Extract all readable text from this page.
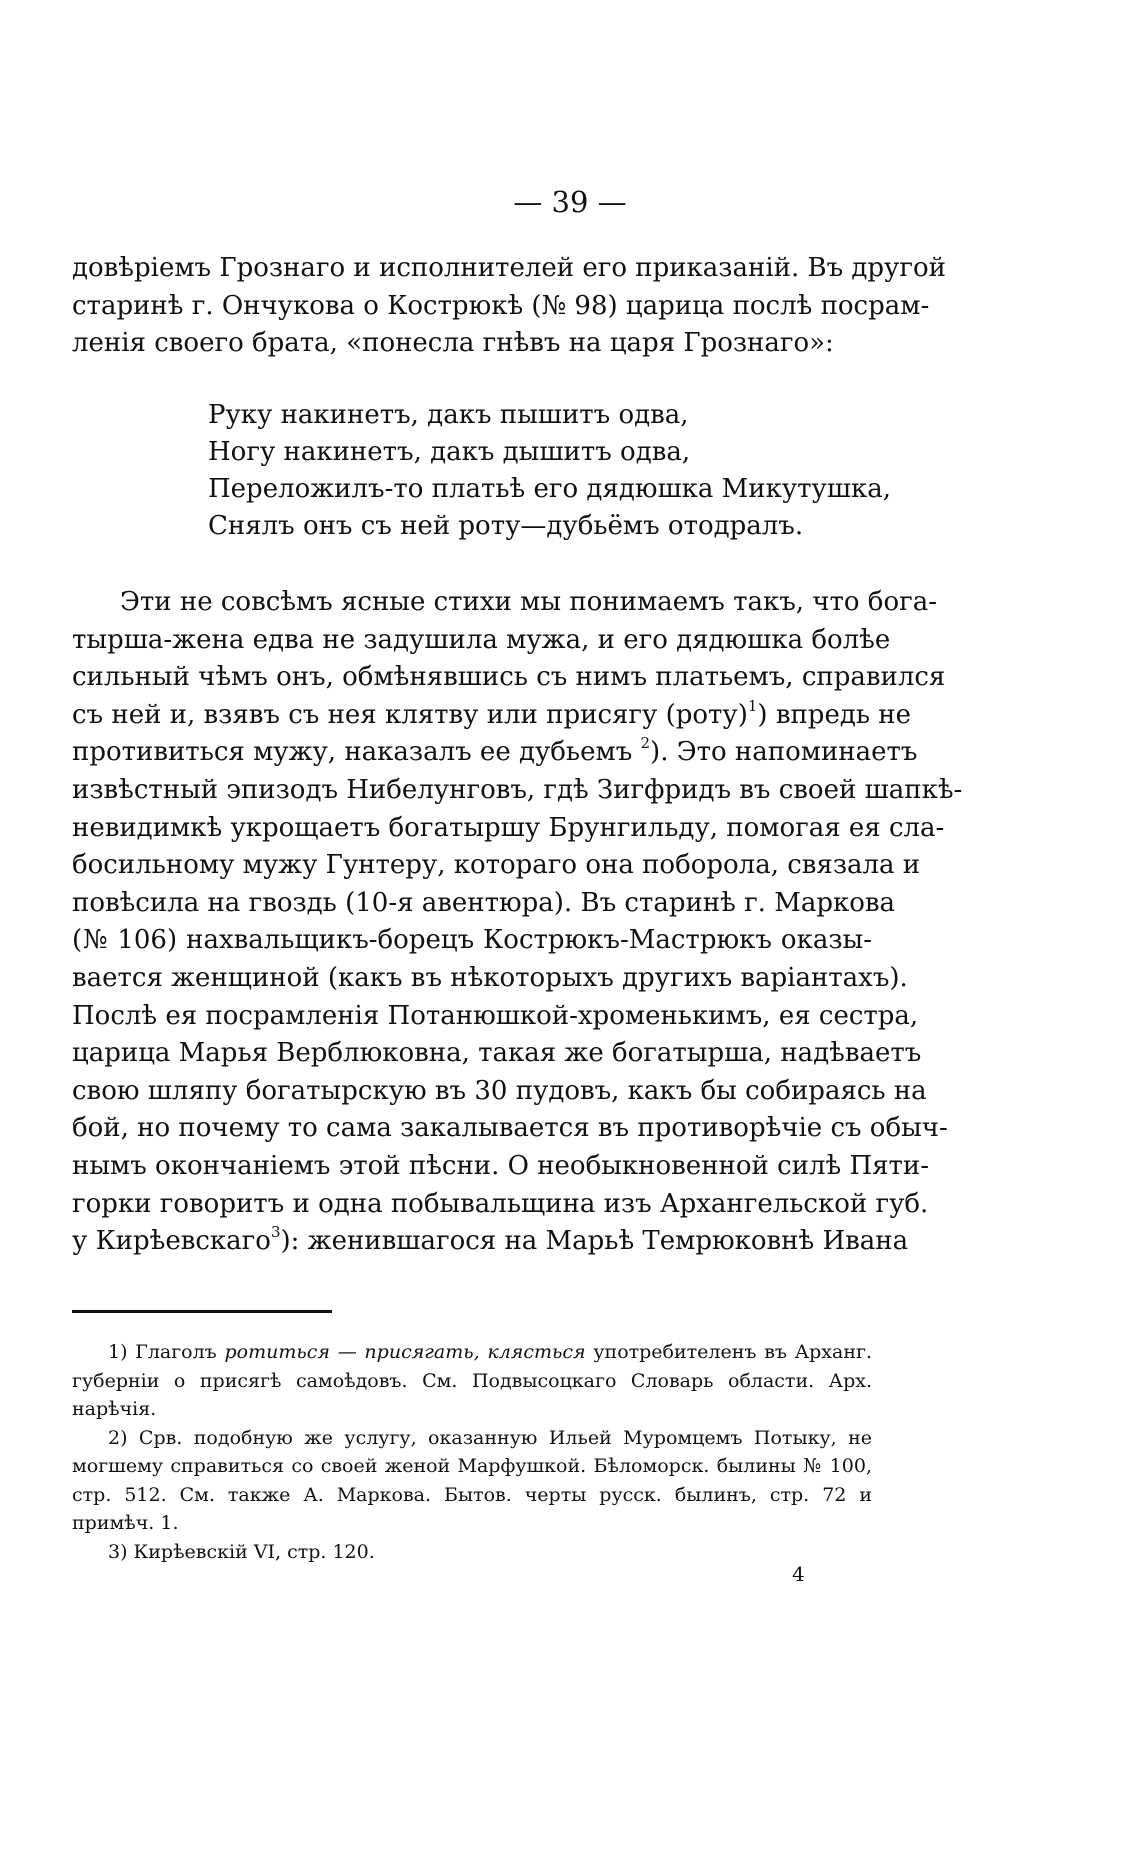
— 39 —
довѣріемъ Грознаго и исполнителей его приказаній. Въ другой
старинѣ г. Ончукова о Кострюкѣ (№ 98) царица послѣ посрам-
ленія своего брата, «понесла гнѣвъ на царя Грознаго»:
Руку накинетъ, дакъ пышитъ одва,
Ногу накинетъ, дакъ дышитъ одва,
Переложилъ-то платьѣ его дядюшка Микутушка,
Снялъ онъ съ ней роту—дубьёмъ отодралъ.
Эти не совсѣмъ ясные стихи мы понимаемъ такъ, что бога-
тырша-жена едва не задушила мужа, и его дядюшка болѣе
сильный чѣмъ онъ, обмѣнявшись съ нимъ платьемъ, справился
съ ней и, взявъ съ нея клятву или присягу (роту)$^1$) впредь не
противиться мужу, наказалъ ее дубьемъ $^2$). Это напоминаетъ
извѣстный эпизодъ Нибелунговъ, гдѣ Зигфридъ въ своей шапкѣ-
невидимкѣ укрощаетъ богатыршу Брунгильду, помогая ея сла-
босильному мужу Гунтеру, котораго она поборола, связала и
повѣсила на гвоздь (10-я авентюра). Въ старинѣ г. Маркова
(№ 106) нахвальщикъ-борецъ Кострюкъ-Мастрюкъ оказы-
вается женщиной (какъ въ нѣкоторыхъ другихъ варіантахъ).
Послѣ ея посрамленія Потанюшкой-хроменькимъ, ея сестра,
царица Марья Верблюковна, такая же богатырша, надѣваетъ
свою шляпу богатырскую въ 30 пудовъ, какъ бы собираясь на
бой, но почему то сама закалывается въ противорѣчіе съ обыч-
нымъ окончаніемъ этой пѣсни. О необыкновенной силѣ Пяти-
горки говоритъ и одна побывальщина изъ Архангельской губ.
у Кирѣевскаго$^3$): женившагося на Марьѣ Темрюковнѣ Ивана
1) Глаголъ ротиться — присягать, клясться употребителенъ въ Арханг.
губерніи о присягѣ самоѣдовъ. См. Подвысоцкаго Словарь области. Арх.
нарѣчія.
2) Срв. подобную же услугу, оказанную Ильей Муромцемъ Потыку, не
могшему справиться со своей женой Марфушкой. Бѣломорск. былины № 100,
стр. 512. См. также А. Маркова. Бытов. черты русск. былинъ, стр. 72 и
примѣч. 1.
3) Кирѣевскій VI, стр. 120.
4
